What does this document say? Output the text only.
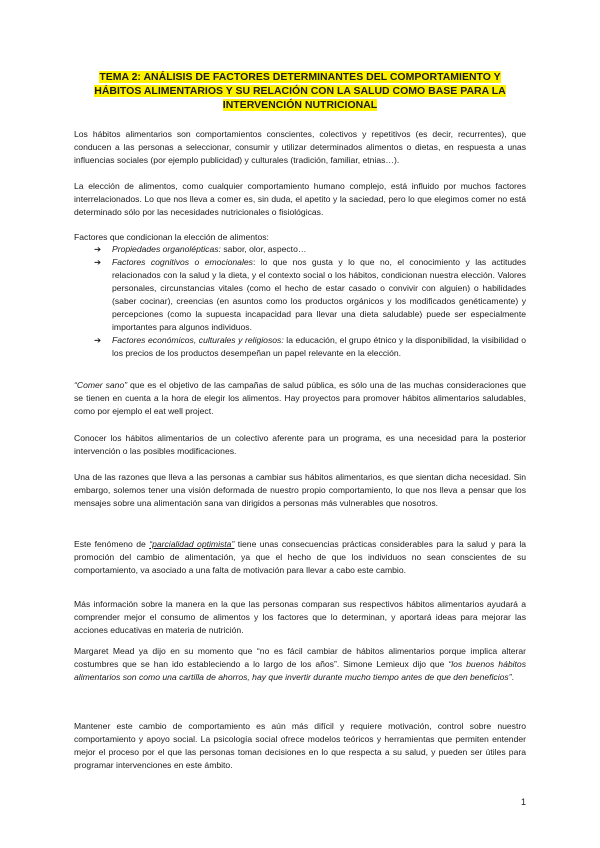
TEMA 2: ANÁLISIS DE FACTORES DETERMINANTES DEL COMPORTAMIENTO Y
HÁBITOS ALIMENTARIOS Y SU RELACIÓN CON LA SALUD COMO BASE PARA LA
INTERVENCIÓN NUTRICIONAL

Los hábitos alimentarios son comportamientos conscientes, colectivos y repetitivos (es decir, recurrentes), que conducen a las personas a seleccionar, consumir y utilizar determinados alimentos o dietas, en respuesta a unas influencias sociales (por ejemplo publicidad) y culturales (tradición, familiar, etnias…).

La elección de alimentos, como cualquier comportamiento humano complejo, está influido por muchos factores interrelacionados. Lo que nos lleva a comer es, sin duda, el apetito y la saciedad, pero lo que elegimos comer no está determinado sólo por las necesidades nutricionales o fisiológicas.

Factores que condicionan la elección de alimentos:

➔ Propiedades organolépticas: sabor, olor, aspecto…
➔ Factores cognitivos o emocionales: lo que nos gusta y lo que no, el conocimiento y las actitudes relacionados con la salud y la dieta, y el contexto social o los hábitos, condicionan nuestra elección. Valores personales, circunstancias vitales (como el hecho de estar casado o convivir con alguien) o habilidades (saber cocinar), creencias (en asuntos como los productos orgánicos y los modificados genéticamente) y percepciones (como la supuesta incapacidad para llevar una dieta saludable) puede ser especialmente importantes para algunos individuos.
➔ Factores económicos, culturales y religiosos: la educación, el grupo étnico y la disponibilidad, la visibilidad o los precios de los productos desempeñan un papel relevante en la elección.

“Comer sano” que es el objetivo de las campañas de salud pública, es sólo una de las muchas consideraciones que se tienen en cuenta a la hora de elegir los alimentos. Hay proyectos para promover hábitos alimentarios saludables, como por ejemplo el eat well project.

Conocer los hábitos alimentarios de un colectivo aferente para un programa, es una necesidad para la posterior intervención o las posibles modificaciones.

Una de las razones que lleva a las personas a cambiar sus hábitos alimentarios, es que sientan dicha necesidad. Sin embargo, solemos tener una visión deformada de nuestro propio comportamiento, lo que nos lleva a pensar que los mensajes sobre una alimentación sana van dirigidos a personas más vulnerables que nosotros.

Este fenómeno de “parcialidad optimista” tiene unas consecuencias prácticas considerables para la salud y para la promoción del cambio de alimentación, ya que el hecho de que los individuos no sean conscientes de su comportamiento, va asociado a una falta de motivación para llevar a cabo este cambio.

Más información sobre la manera en la que las personas comparan sus respectivos hábitos alimentarios ayudará a comprender mejor el consumo de alimentos y los factores que lo determinan, y aportará ideas para mejorar las acciones educativas en materia de nutrición.

Margaret Mead ya dijo en su momento que “no es fácil cambiar de hábitos alimentarios porque implica alterar costumbres que se han ido estableciendo a lo largo de los años”. Simone Lemieux dijo que “los buenos hábitos alimentarios son como una cartilla de ahorros, hay que invertir durante mucho tiempo antes de que den beneficios”.

Mantener este cambio de comportamiento es aún más difícil y requiere motivación, control sobre nuestro comportamiento y apoyo social. La psicología social ofrece modelos teóricos y herramientas que permiten entender mejor el proceso por el que las personas toman decisiones en lo que respecta a su salud, y pueden ser útiles para programar intervenciones en este ámbito.

1
